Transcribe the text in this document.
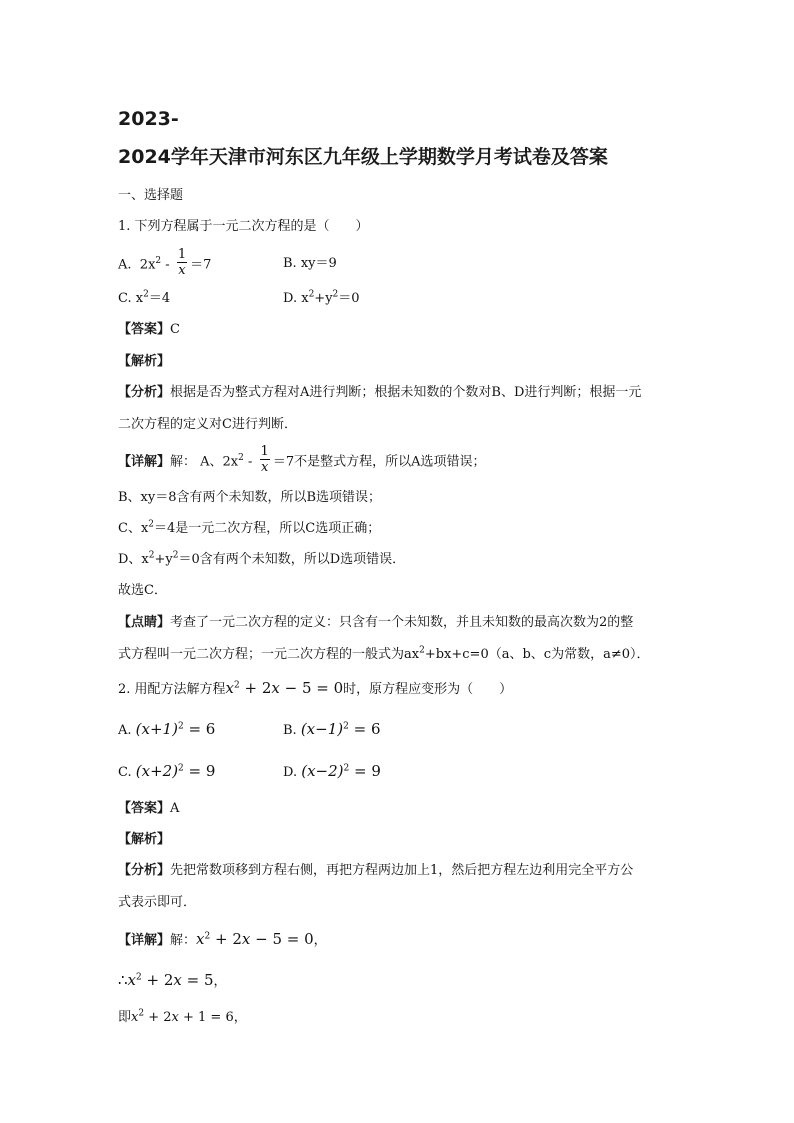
2023-
2024学年天津市河东区九年级上学期数学月考试卷及答案
一、选择题
1. 下列方程属于一元二次方程的是（　　）
A. $2x^2 - \frac{1}{x} =7$	B. xy＝9
C. $x^2=4$	D. $x^2+y^2=0$
【答案】C
【解析】
【分析】根据是否为整式方程对A进行判断；根据未知数的个数对B、D进行判断；根据一元
二次方程的定义对C进行判断．
【详解】解： A、$2x^2 - \frac{1}{x} =7$不是整式方程，所以A选项错误；
B、xy＝8含有两个未知数，所以B选项错误；
C、$x^2=4$是一元二次方程，所以C选项正确；
D、$x^2+y^2=0$含有两个未知数，所以D选项错误．
故选C．
【点睛】考查了一元二次方程的定义：只含有一个未知数，并且未知数的最高次数为2的整
式方程叫一元二次方程；一元二次方程的一般式为$ax^2+bx+c=0(a$、b、c为常数，a≠0）．
2. 用配方法解方程$x^2 + 2x - 5 = 0$时，原方程应变形为（　　）
A. $(x+1)^2 = 6$	B. $(x-1)^2 = 6$
C. $(x+2)^2 = 9$	D. $(x-2)^2 = 9$
【答案】A
【解析】
【分析】先把常数项移到方程右侧，再把方程两边加上1，然后把方程左边利用完全平方公
式表示即可．
【详解】解：$x^2 + 2x - 5 = 0$，
$\therefore x^2 + 2x = 5$，
即$x^2 + 2x + 1 = 6$，
